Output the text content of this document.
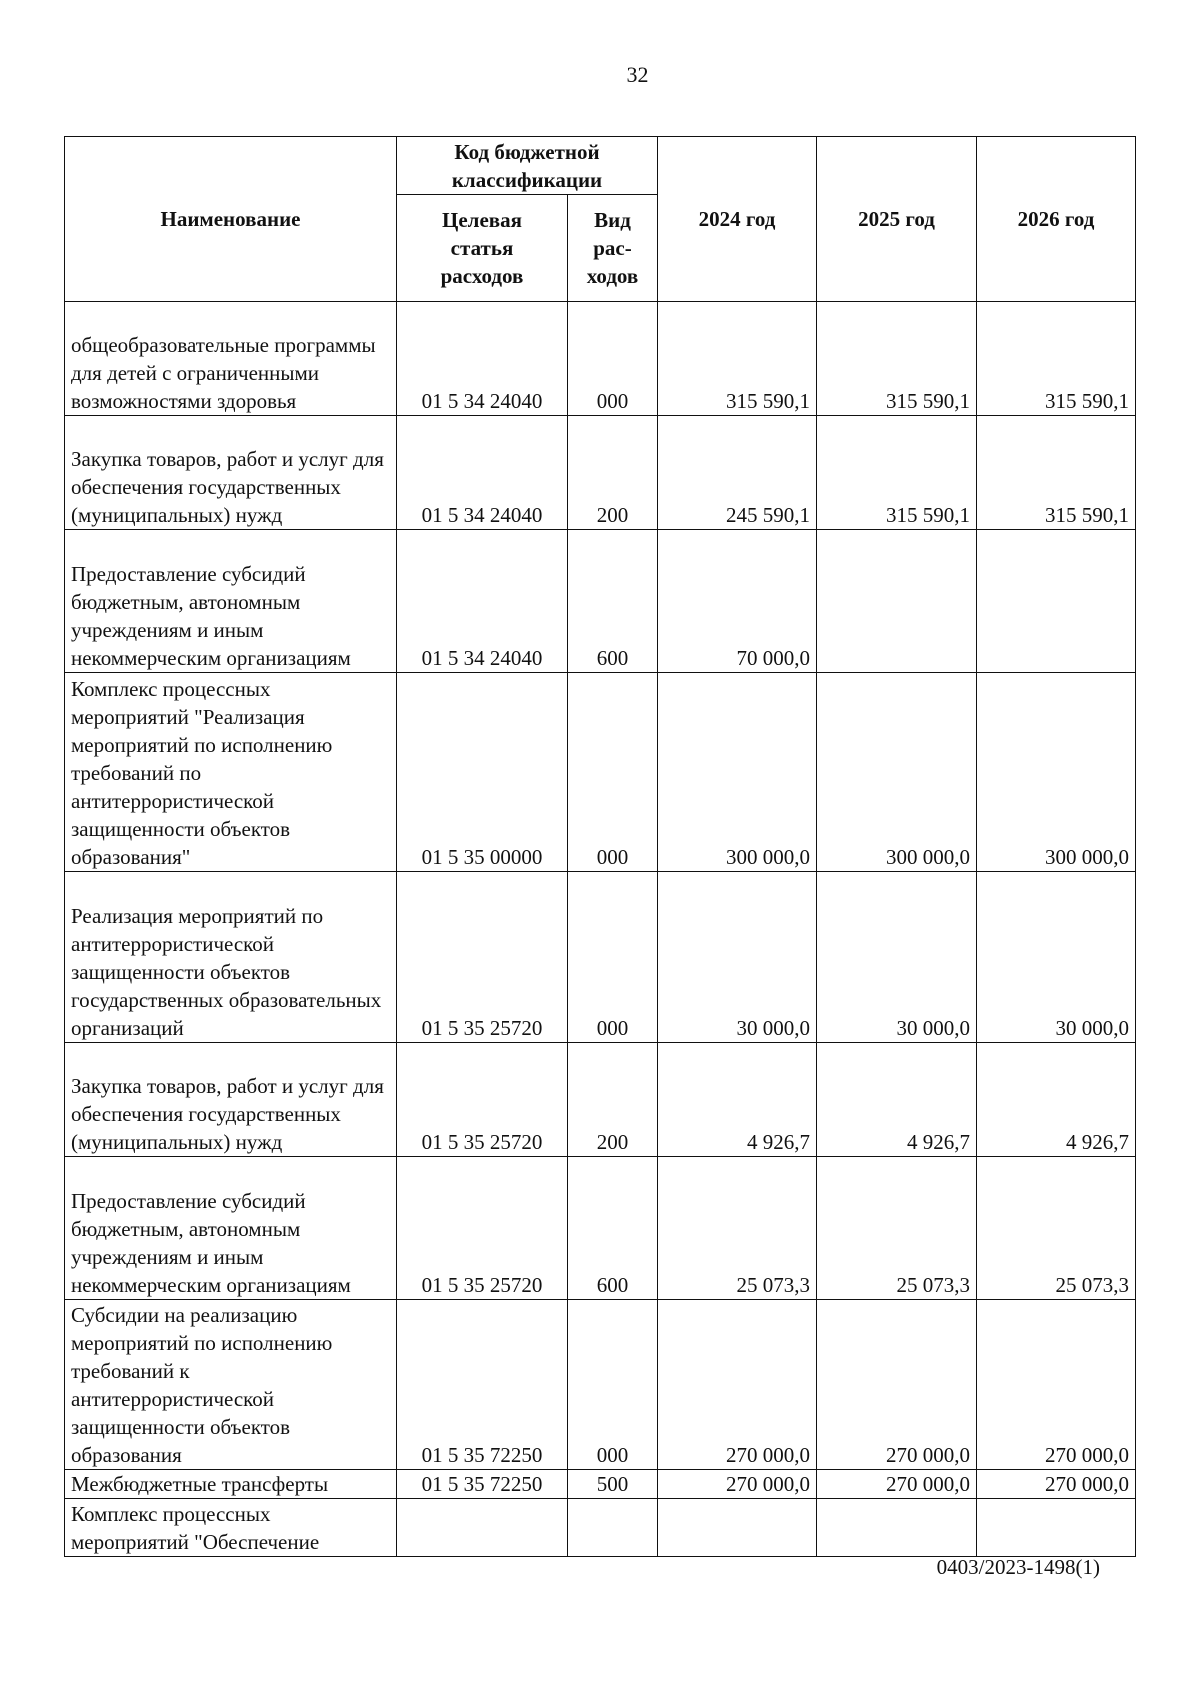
32
Наименование	Код бюджетной классификации		2024 год	2025 год	2026 год
	Целевая статья расходов	Вид рас-ходов			
общеобразовательные программы для детей с ограниченными возможностями здоровья	01 5 34 24040	000	315 590,1	315 590,1	315 590,1
Закупка товаров, работ и услуг для обеспечения государственных (муниципальных) нужд	01 5 34 24040	200	245 590,1	315 590,1	315 590,1
Предоставление субсидий бюджетным, автономным учреждениям и иным некоммерческим организациям	01 5 34 24040	600	70 000,0		
Комплекс процессных мероприятий "Реализация мероприятий по исполнению требований по антитеррористической защищенности объектов образования"	01 5 35 00000	000	300 000,0	300 000,0	300 000,0
Реализация мероприятий по антитеррористической защищенности объектов государственных образовательных организаций	01 5 35 25720	000	30 000,0	30 000,0	30 000,0
Закупка товаров, работ и услуг для обеспечения государственных (муниципальных) нужд	01 5 35 25720	200	4 926,7	4 926,7	4 926,7
Предоставление субсидий бюджетным, автономным учреждениям и иным некоммерческим организациям	01 5 35 25720	600	25 073,3	25 073,3	25 073,3
Субсидии на реализацию мероприятий по исполнению требований к антитеррористической защищенности объектов образования	01 5 35 72250	000	270 000,0	270 000,0	270 000,0
Межбюджетные трансферты	01 5 35 72250	500	270 000,0	270 000,0	270 000,0
Комплекс процессных мероприятий "Обеспечение					
0403/2023-1498(1)
